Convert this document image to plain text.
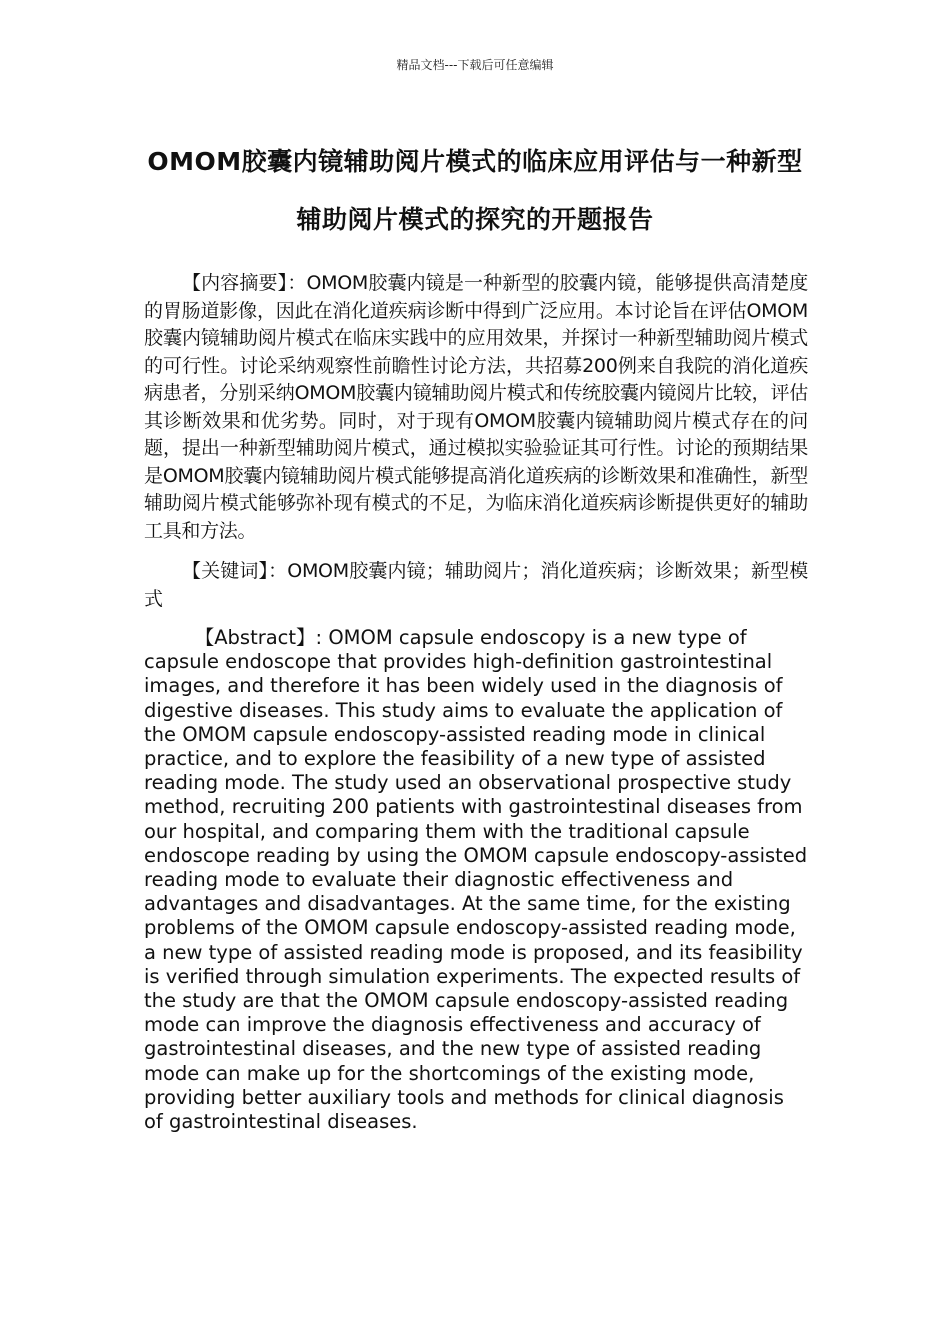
精品文档---下载后可任意编辑
OMOM胶囊内镜辅助阅片模式的临床应用评估与一种新型辅助阅片模式的探究的开题报告

【内容摘要】：OMOM胶囊内镜是一种新型的胶囊内镜，能够提供高清楚度的胃肠道影像，因此在消化道疾病诊断中得到广泛应用。本讨论旨在评估OMOM胶囊内镜辅助阅片模式在临床实践中的应用效果，并探讨一种新型辅助阅片模式的可行性。讨论采纳观察性前瞻性讨论方法，共招募200例来自我院的消化道疾病患者，分别采纳OMOM胶囊内镜辅助阅片模式和传统胶囊内镜阅片比较，评估其诊断效果和优劣势。同时，对于现有OMOM胶囊内镜辅助阅片模式存在的问题，提出一种新型辅助阅片模式，通过模拟实验验证其可行性。讨论的预期结果是OMOM胶囊内镜辅助阅片模式能够提高消化道疾病的诊断效果和准确性，新型辅助阅片模式能够弥补现有模式的不足，为临床消化道疾病诊断提供更好的辅助工具和方法。

【关键词】：OMOM胶囊内镜；辅助阅片；消化道疾病；诊断效果；新型模式

【Abstract】: OMOM capsule endoscopy is a new type of capsule endoscope that provides high-definition gastrointestinal images, and therefore it has been widely used in the diagnosis of digestive diseases. This study aims to evaluate the application of the OMOM capsule endoscopy-assisted reading mode in clinical practice, and to explore the feasibility of a new type of assisted reading mode. The study used an observational prospective study method, recruiting 200 patients with gastrointestinal diseases from our hospital, and comparing them with the traditional capsule endoscope reading by using the OMOM capsule endoscopy-assisted reading mode to evaluate their diagnostic effectiveness and advantages and disadvantages. At the same time, for the existing problems of the OMOM capsule endoscopy-assisted reading mode, a new type of assisted reading mode is proposed, and its feasibility is verified through simulation experiments. The expected results of the study are that the OMOM capsule endoscopy-assisted reading mode can improve the diagnosis effectiveness and accuracy of gastrointestinal diseases, and the new type of assisted reading mode can make up for the shortcomings of the existing mode, providing better auxiliary tools and methods for clinical diagnosis of gastrointestinal diseases.
